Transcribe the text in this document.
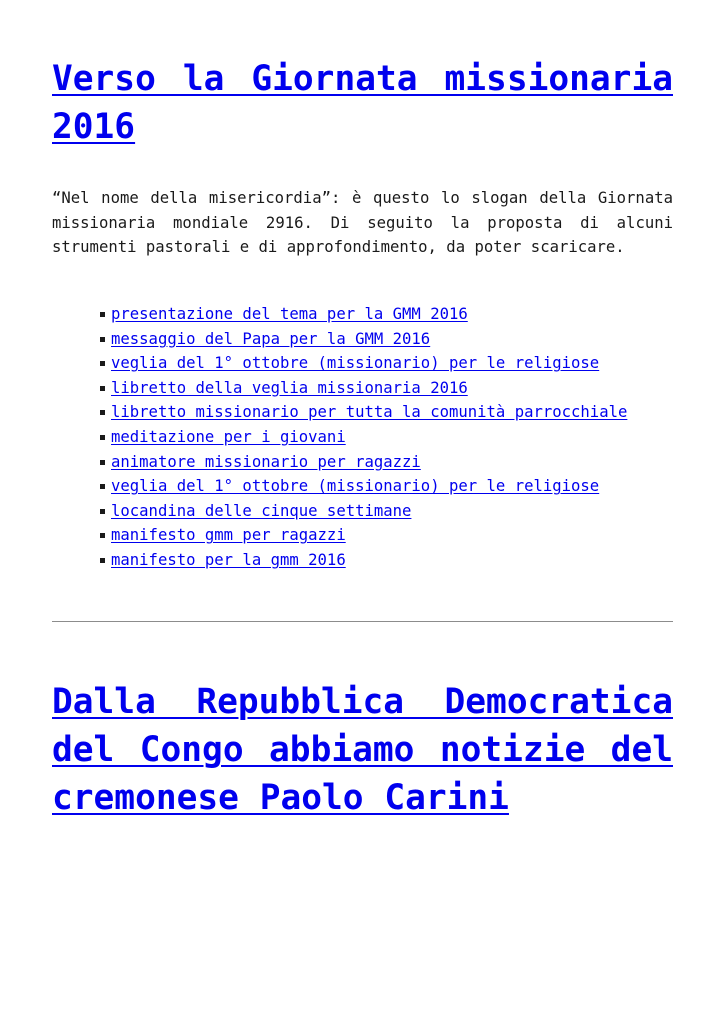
Verso la Giornata missionaria 2016

“Nel nome della misericordia”: è questo lo slogan della Giornata missionaria mondiale 2916. Di seguito la proposta di alcuni strumenti pastorali e di approfondimento, da poter scaricare.

presentazione del tema per la GMM 2016
messaggio del Papa per la GMM 2016
veglia del 1° ottobre (missionario) per le religiose
libretto della veglia missionaria 2016
libretto missionario per tutta la comunità parrocchiale
meditazione per i giovani
animatore missionario per ragazzi
veglia del 1° ottobre (missionario) per le religiose
locandina delle cinque settimane
manifesto gmm per ragazzi
manifesto per la gmm 2016
Dalla Repubblica Democratica del Congo abbiamo notizie del cremonese Paolo Carini
